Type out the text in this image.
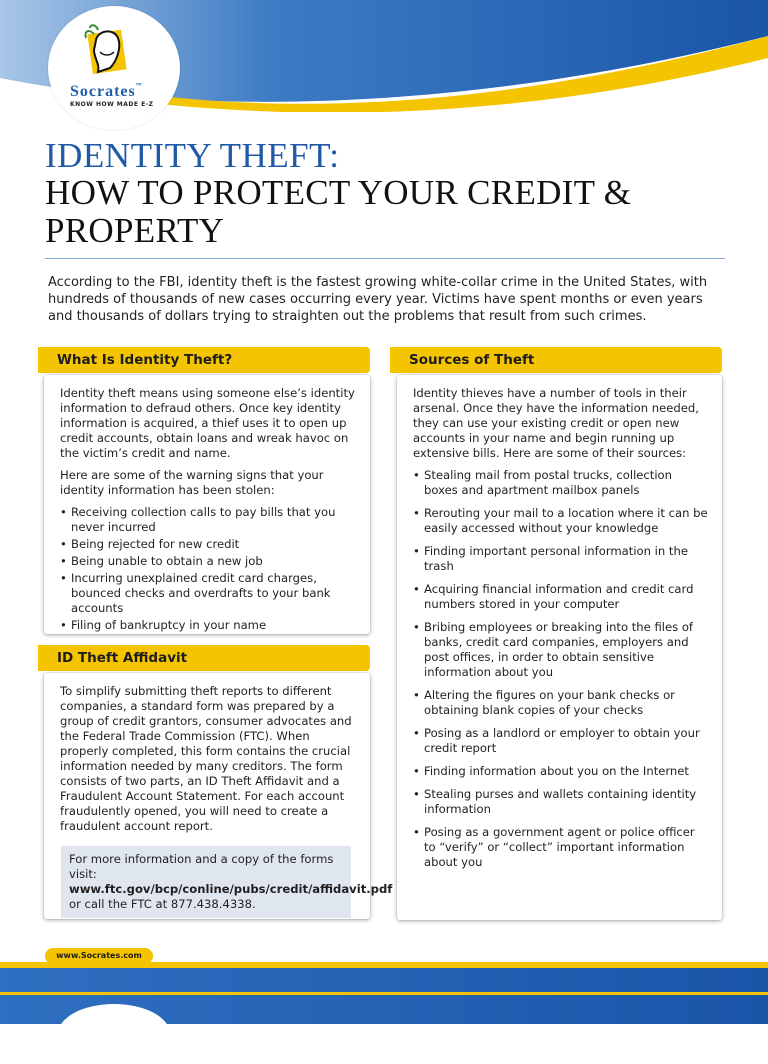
Socrates™
KNOW HOW MADE E-Z
IDENTITY THEFT:
HOW TO PROTECT YOUR CREDIT & PROPERTY
According to the FBI, identity theft is the fastest growing white-collar crime in the United States, with hundreds of thousands of new cases occurring every year. Victims have spent months or even years and thousands of dollars trying to straighten out the problems that result from such crimes.
What Is Identity Theft?

Identity theft means using someone else’s identity information to defraud others. Once key identity information is acquired, a thief uses it to open up credit accounts, obtain loans and wreak havoc on the victim’s credit and name.

Here are some of the warning signs that your identity information has been stolen:

• Receiving collection calls to pay bills that you never incurred
• Being rejected for new credit
• Being unable to obtain a new job
• Incurring unexplained credit card charges, bounced checks and overdrafts to your bank accounts
• Filing of bankruptcy in your name
ID Theft Affidavit

To simplify submitting theft reports to different companies, a standard form was prepared by a group of credit grantors, consumer advocates and the Federal Trade Commission (FTC). When properly completed, this form contains the crucial information needed by many creditors. The form consists of two parts, an ID Theft Affidavit and a Fraudulent Account Statement. For each account fraudulently opened, you will need to create a fraudulent account report.

For more information and a copy of the forms visit: www.ftc.gov/bcp/conline/pubs/credit/affidavit.pdf or call the FTC at 877.438.4338.
Sources of Theft

Identity thieves have a number of tools in their arsenal. Once they have the information needed, they can use your existing credit or open new accounts in your name and begin running up extensive bills. Here are some of their sources:

• Stealing mail from postal trucks, collection boxes and apartment mailbox panels
• Rerouting your mail to a location where it can be easily accessed without your knowledge
• Finding important personal information in the trash
• Acquiring financial information and credit card numbers stored in your computer
• Bribing employees or breaking into the files of banks, credit card companies, employers and post offices, in order to obtain sensitive information about you
• Altering the figures on your bank checks or obtaining blank copies of your checks
• Posing as a landlord or employer to obtain your credit report
• Finding information about you on the Internet
• Stealing purses and wallets containing identity information
• Posing as a government agent or police officer to “verify” or “collect” important information about you
www.Socrates.com
